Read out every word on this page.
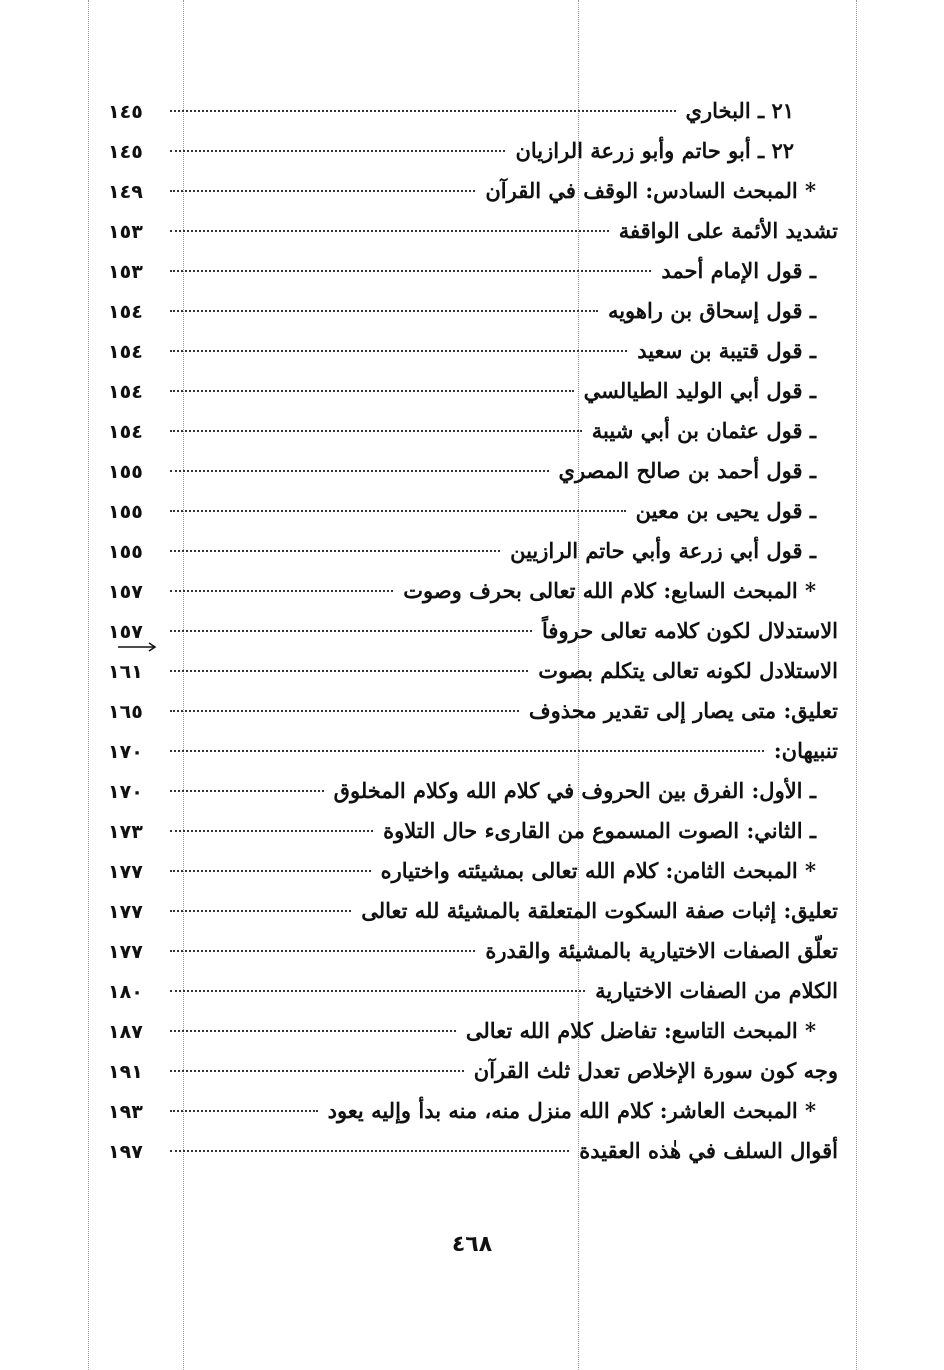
٢١ ـ البخاري
١٤٥
٢٢ ـ أبو حاتم وأبو زرعة الرازيان
١٤٥
* المبحث السادس: الوقف في القرآن
١٤٩
تشديد الأئمة على الواقفة
١٥٣
ـ قول الإمام أحمد
١٥٣
ـ قول إسحاق بن راهويه
١٥٤
ـ قول قتيبة بن سعيد
١٥٤
ـ قول أبي الوليد الطيالسي
١٥٤
ـ قول عثمان بن أبي شيبة
١٥٤
ـ قول أحمد بن صالح المصري
١٥٥
ـ قول يحيى بن معين
١٥٥
ـ قول أبي زرعة وأبي حاتم الرازيين
١٥٥
* المبحث السابع: كلام الله تعالى بحرف وصوت
١٥٧
الاستدلال لكون كلامه تعالى حروفاً
١٥٧
الاستلادل لكونه تعالى يتكلم بصوت
١٦١
تعليق: متى يصار إلى تقدير محذوف
١٦٥
تنبيهان:
١٧٠
ـ الأول: الفرق بين الحروف في كلام الله وكلام المخلوق
١٧٠
ـ الثاني: الصوت المسموع من القارىء حال التلاوة
١٧٣
* المبحث الثامن: كلام الله تعالى بمشيئته واختياره
١٧٧
تعليق: إثبات صفة السكوت المتعلقة بالمشيئة لله تعالى
١٧٧
تعلّق الصفات الاختيارية بالمشيئة والقدرة
١٧٧
الكلام من الصفات الاختيارية
١٨٠
* المبحث التاسع: تفاضل كلام الله تعالى
١٨٧
وجه كون سورة الإخلاص تعدل ثلث القرآن
١٩١
* المبحث العاشر: كلام الله منزل منه، منه بدأ وإليه يعود
١٩٣
أقوال السلف في هٰذه العقيدة
١٩٧
٤٦٨
